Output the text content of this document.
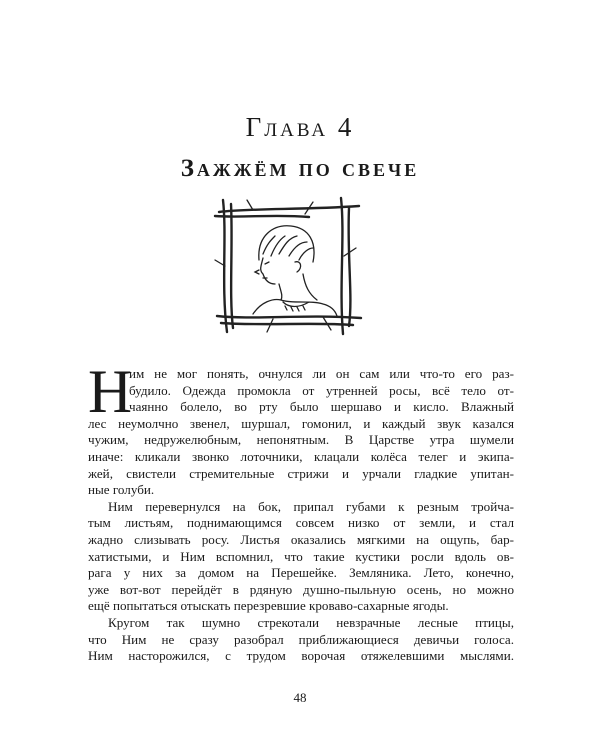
Глава 4
Зажжём по свече
Н
им не мог понять, очнулся ли он сам или что-то его раз-
будило. Одежда промокла от утренней росы, всё тело от-
чаянно болело, во рту было шершаво и кисло. Влажный
лес неумолчно звенел, шуршал, гомонил, и каждый звук казался
чужим, недружелюбным, непонятным. В Царстве утра шумели
иначе: кликали звонко лоточники, клацали колёса телег и экипа-
жей, свистели стремительные стрижи и урчали гладкие упитан-
ные голуби.
Ним перевернулся на бок, припал губами к резным тройча-
тым листьям, поднимающимся совсем низко от земли, и стал
жадно слизывать росу. Листья оказались мягкими на ощупь, бар-
хатистыми, и Ним вспомнил, что такие кустики росли вдоль ов-
рага у них за домом на Перешейке. Земляника. Лето, конечно,
уже вот-вот перейдёт в рдяную душно-пыльную осень, но можно
ещё попытаться отыскать перезревшие кроваво-сахарные ягоды.
Кругом так шумно стрекотали невзрачные лесные птицы,
что Ним не сразу разобрал приближающиеся девичьи голоса.
Ним насторожился, с трудом ворочая отяжелевшими мыслями.
48
